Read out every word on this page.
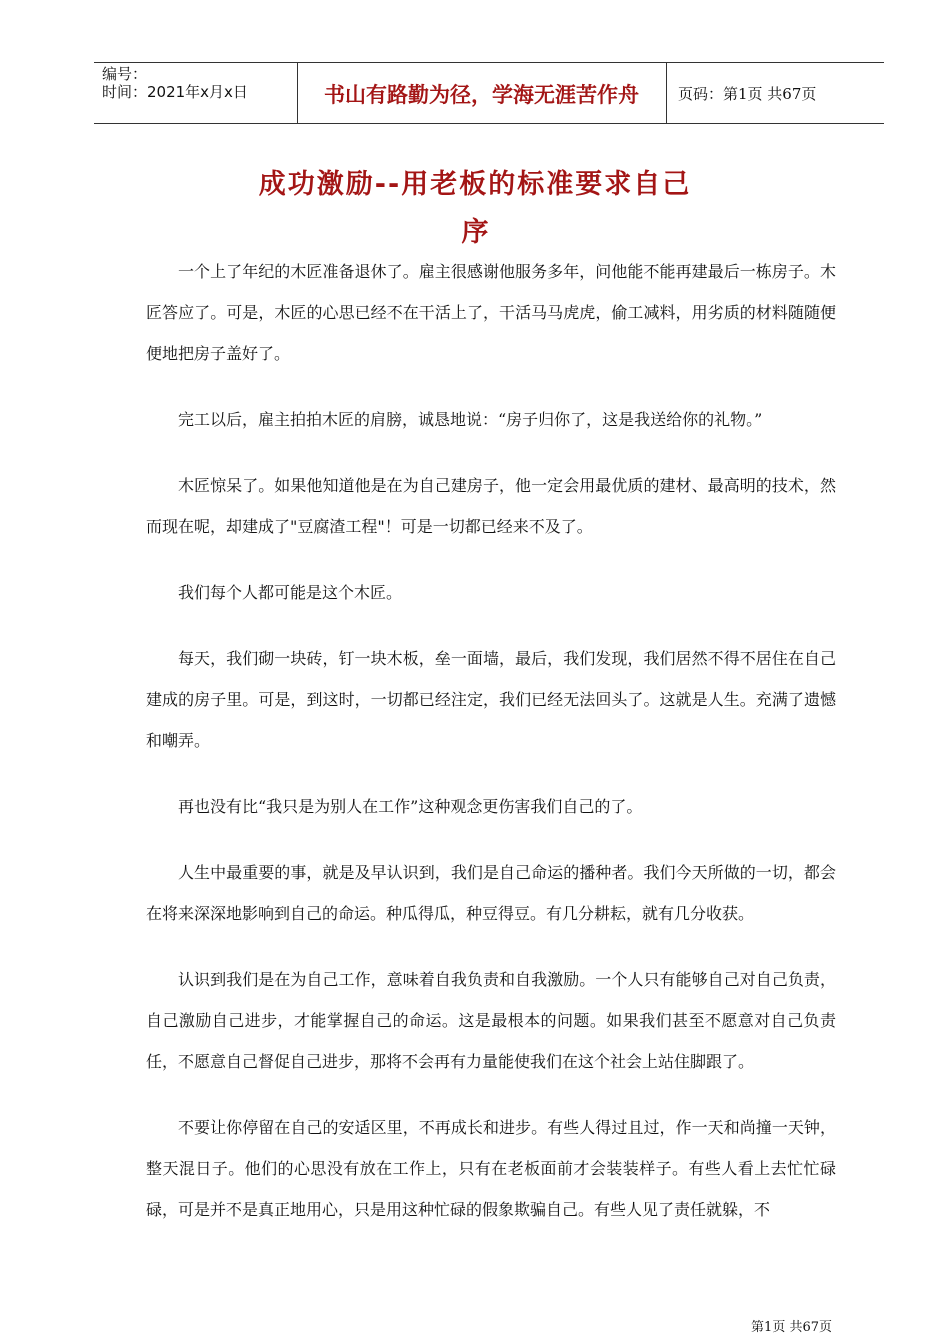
编号：
时间：2021年x月x日	书山有路勤为径，学海无涯苦作舟	页码：第1页 共67页
成功激励--用老板的标准要求自己
序

一个上了年纪的木匠准备退休了。雇主很感谢他服务多年，问他能不能再建最后一栋房子。木匠答应了。可是，木匠的心思已经不在干活上了，干活马马虎虎，偷工减料，用劣质的材料随随便便地把房子盖好了。

完工以后，雇主拍拍木匠的肩膀，诚恳地说：“房子归你了，这是我送给你的礼物。”

木匠惊呆了。如果他知道他是在为自己建房子，他一定会用最优质的建材、最高明的技术，然而现在呢，却建成了"豆腐渣工程"！可是一切都已经来不及了。

我们每个人都可能是这个木匠。

每天，我们砌一块砖，钉一块木板，垒一面墙，最后，我们发现，我们居然不得不居住在自己建成的房子里。可是，到这时，一切都已经注定，我们已经无法回头了。这就是人生。充满了遗憾和嘲弄。

再也没有比“我只是为别人在工作”这种观念更伤害我们自己的了。

人生中最重要的事，就是及早认识到，我们是自己命运的播种者。我们今天所做的一切，都会在将来深深地影响到自己的命运。种瓜得瓜，种豆得豆。有几分耕耘，就有几分收获。

认识到我们是在为自己工作，意味着自我负责和自我激励。一个人只有能够自己对自己负责，自己激励自己进步，才能掌握自己的命运。这是最根本的问题。如果我们甚至不愿意对自己负责任，不愿意自己督促自己进步，那将不会再有力量能使我们在这个社会上站住脚跟了。

不要让你停留在自己的安适区里，不再成长和进步。有些人得过且过，作一天和尚撞一天钟，整天混日子。他们的心思没有放在工作上，只有在老板面前才会装装样子。有些人看上去忙忙碌碌，可是并不是真正地用心，只是用这种忙碌的假象欺骗自己。有些人见了责任就躲，不

第1页 共67页
